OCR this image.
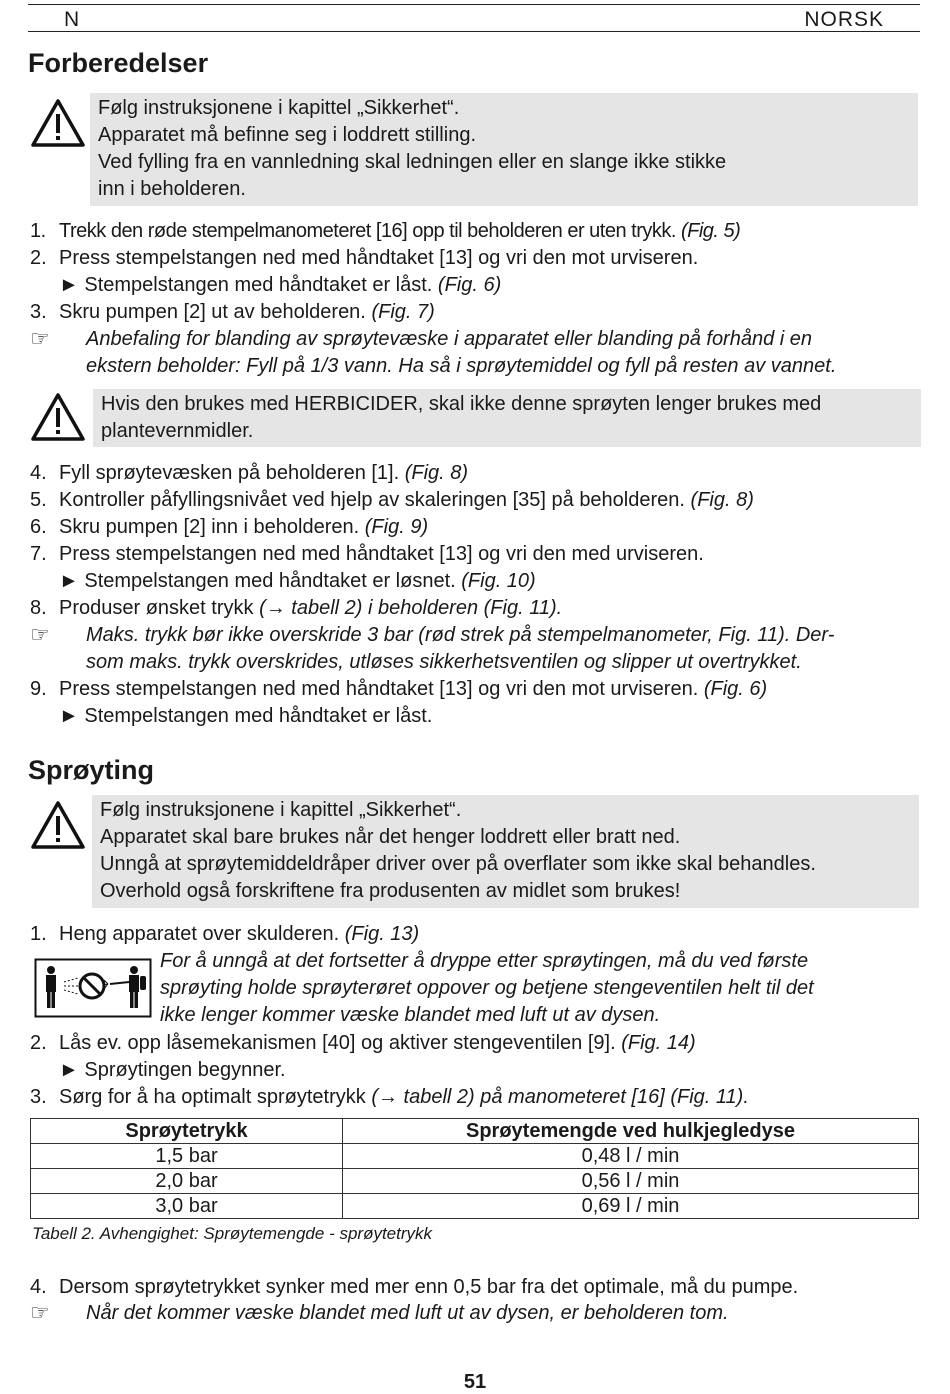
N	NORSK
Forberedelser
Følg instruksjonene i kapittel „Sikkerhet“.
Apparatet må befinne seg i loddrett stilling.
Ved fylling fra en vannledning skal ledningen eller en slange ikke stikke
inn i beholderen.
1. Trekk den røde stempelmanometeret [16] opp til beholderen er uten trykk. (Fig. 5)
2. Press stempelstangen ned med håndtaket [13] og vri den mot urviseren.
► Stempelstangen med håndtaket er låst. (Fig. 6)
3. Skru pumpen [2] ut av beholderen. (Fig. 7)
☞ Anbefaling for blanding av sprøytevæske i apparatet eller blanding på forhånd i en
ekstern beholder: Fyll på 1/3 vann. Ha så i sprøytemiddel og fyll på resten av vannet.
Hvis den brukes med HERBICIDER, skal ikke denne sprøyten lenger brukes med
plantevernmidler.
4. Fyll sprøytevæsken på beholderen [1]. (Fig. 8)
5. Kontroller påfyllingsnivået ved hjelp av skaleringen [35] på beholderen. (Fig. 8)
6. Skru pumpen [2] inn i beholderen. (Fig. 9)
7. Press stempelstangen ned med håndtaket [13] og vri den med urviseren.
► Stempelstangen med håndtaket er løsnet. (Fig. 10)
8. Produser ønsket trykk (→ tabell 2) i beholderen (Fig. 11).
☞ Maks. trykk bør ikke overskride 3 bar (rød strek på stempelmanometer, Fig. 11). Der-
som maks. trykk overskrides, utløses sikkerhetsventilen og slipper ut overtrykket.
9. Press stempelstangen ned med håndtaket [13] og vri den mot urviseren. (Fig. 6)
► Stempelstangen med håndtaket er låst.
Sprøyting
Følg instruksjonene i kapittel „Sikkerhet“.
Apparatet skal bare brukes når det henger loddrett eller bratt ned.
Unngå at sprøytemiddeldråper driver over på overflater som ikke skal behandles.
Overhold også forskriftene fra produsenten av midlet som brukes!
1. Heng apparatet over skulderen. (Fig. 13)
For å unngå at det fortsetter å dryppe etter sprøytingen, må du ved første
sprøyting holde sprøyterøret oppover og betjene stengeventilen helt til det
ikke lenger kommer væske blandet med luft ut av dysen.
2. Lås ev. opp låsemekanismen [40] og aktiver stengeventilen [9]. (Fig. 14)
► Sprøytingen begynner.
3. Sørg for å ha optimalt sprøytetrykk (→ tabell 2) på manometeret [16] (Fig. 11).
Sprøytetrykk	Sprøytemengde ved hulkjegledyse
1,5 bar	0,48 l / min
2,0 bar	0,56 l / min
3,0 bar	0,69 l / min
Tabell 2. Avhengighet: Sprøytemengde - sprøytetrykk
4. Dersom sprøytetrykket synker med mer enn 0,5 bar fra det optimale, må du pumpe.
☞ Når det kommer væske blandet med luft ut av dysen, er beholderen tom.
51
